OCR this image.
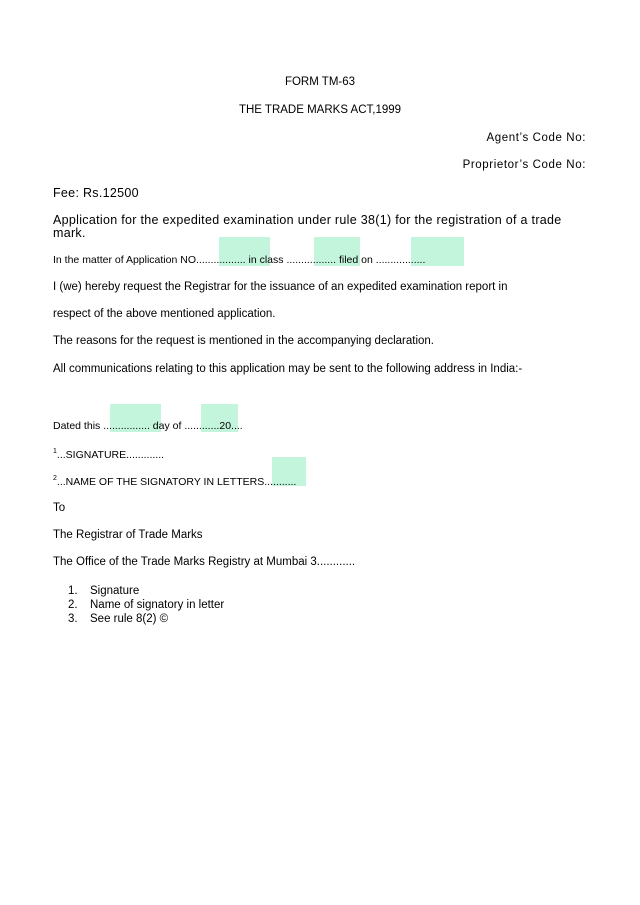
FORM TM-63
THE TRADE MARKS ACT,1999
Agent’s Code No:
Proprietor’s Code No:
Fee: Rs.12500
Application for the expedited examination under rule 38(1) for the registration of a trade
mark.
In the matter of Application NO................. in class ................. filed on .................
I (we) hereby request the Registrar for the issuance of an expedited examination report in
respect of the above mentioned application.
The reasons for the request is mentioned in the accompanying declaration.
All communications relating to this application may be sent to the following address in India:-
Dated this ................ day of ............20....
$^1$...SIGNATURE.............
$^2$...NAME OF THE SIGNATORY IN LETTERS...........
To
The Registrar of Trade Marks
The Office of the Trade Marks Registry at Mumbai 3............
1. Signature
2. Name of signatory in letter
3. See rule 8(2) ©
